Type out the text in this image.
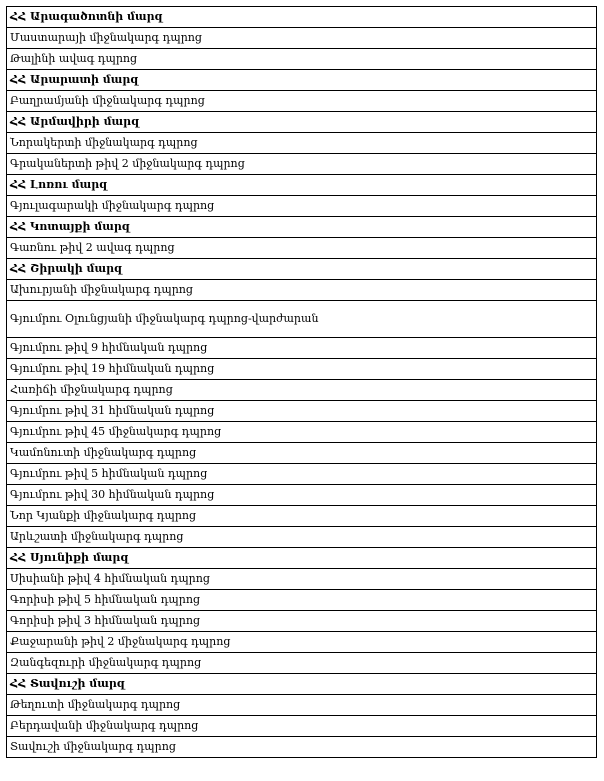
ՀՀ Արագածոտնի մարզ
Մաստարայի միջնակարգ դպրոց
Թալինի ավագ դպրոց
ՀՀ Արարատի մարզ
Բաղրամյանի միջնակարգ դպրոց
ՀՀ Արմավիրի մարզ
Նորակերտի միջնակարգ դպրոց
Գրականերտի թիվ 2 միջնակարգ դպրոց
ՀՀ Լոռու մարզ
Գյուլագարակի միջնակարգ դպրոց
ՀՀ Կոտայքի մարզ
Գառնու թիվ 2 ավագ դպրոց
ՀՀ Շիրակի մարզ
Ախուրյանի միջնակարգ դպրոց
Գյումրու Օլունցյանի միջնակարգ դպրոց-վարժարան
Գյումրու թիվ 9 հիմնական դպրոց
Գյումրու թիվ 19 հիմնական դպրոց
Հառիճի միջնակարգ դպրոց
Գյումրու թիվ 31 հիմնական դպրոց
Գյումրու թիվ 45 միջնակարգ դպրոց
Կամոնուտի միջնակարգ դպրոց
Գյումրու թիվ 5 հիմնական դպրոց
Գյումրու թիվ 30 հիմնական դպրոց
Նոր Կյանքի միջնակարգ դպրոց
Արևշատի միջնակարգ դպրոց
ՀՀ Սյունիքի մարզ
Սիսիանի թիվ 4 հիմնական դպրոց
Գորիսի թիվ 5 հիմնական դպրոց
Գորիսի թիվ 3 հիմնական դպրոց
Քաջարանի թիվ 2 միջնակարգ դպրոց
Զանգեզուրի միջնակարգ դպրոց
ՀՀ Տավուշի մարզ
Թեղուտի միջնակարգ դպրոց
Բերդավանի միջնակարգ դպրոց
Տավուշի միջնակարգ դպրոց
